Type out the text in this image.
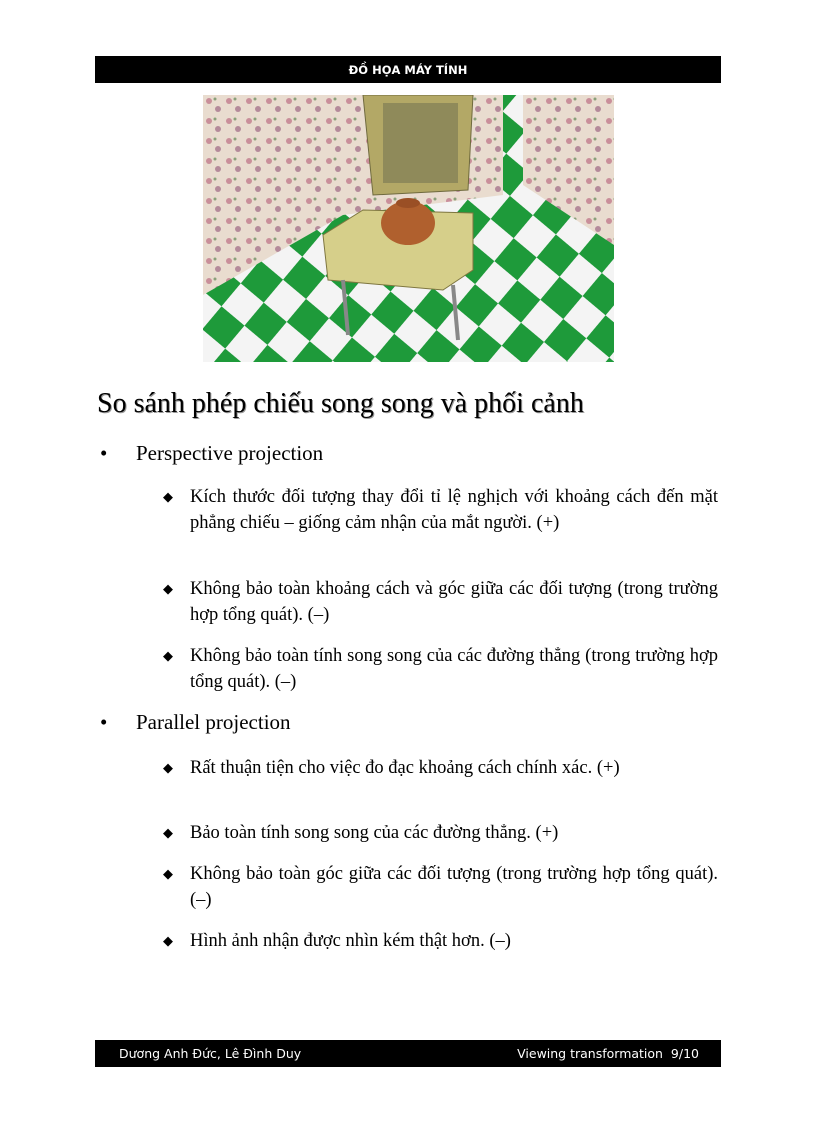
ĐỒ HỌA MÁY TÍNH
So sánh phép chiếu song song và phối cảnh
• Perspective projection
◆ Kích thước đối tượng thay đổi tỉ lệ nghịch với khoảng cách đến mặt phẳng chiếu – giống cảm nhận của mắt người. (+)
◆ Không bảo toàn khoảng cách và góc giữa các đối tượng (trong trường hợp tổng quát). (–)
◆ Không bảo toàn tính song song của các đường thẳng (trong trường hợp tổng quát). (–)
• Parallel projection
◆ Rất thuận tiện cho việc đo đạc khoảng cách chính xác. (+)
◆ Bảo toàn tính song song của các đường thẳng. (+)
◆ Không bảo toàn góc giữa các đối tượng (trong trường hợp tổng quát). (–)
◆ Hình ảnh nhận được nhìn kém thật hơn. (–)
Dương Anh Đức, Lê Đình Duy	Viewing transformation  9/10
